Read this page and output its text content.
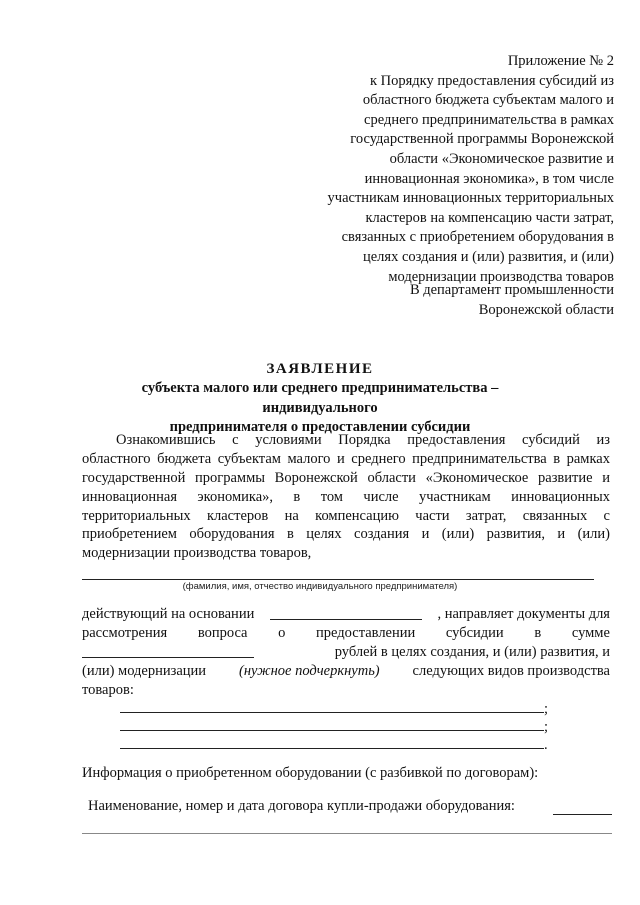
Приложение № 2
к Порядку предоставления субсидий из
областного бюджета субъектам малого и
среднего предпринимательства в рамках
государственной программы Воронежской
области «Экономическое развитие и
инновационная экономика», в том числе
участникам инновационных территориальных
кластеров на компенсацию части затрат,
связанных с приобретением оборудования в
целях создания и (или) развития, и (или)
модернизации производства товаров
В департамент промышленности
Воронежской области
ЗАЯВЛЕНИЕ
субъекта малого или среднего предпринимательства – индивидуального
предпринимателя о предоставлении субсидии
Ознакомившись с условиями Порядка предоставления субсидий из
областного бюджета субъектам малого и среднего предпринимательства в рамках
государственной программы Воронежской области «Экономическое развитие и
инновационная экономика», в том числе участникам инновационных
территориальных кластеров на компенсацию части затрат, связанных с
приобретением оборудования в целях создания и (или) развития, и (или)
модернизации производства товаров,
(фамилия, имя, отчество индивидуального предпринимателя)
действующий на основании	, направляет документы для
рассмотрения вопроса о предоставлении субсидии в сумме
рублей в целях создания, и (или) развития, и
(или) модернизации (нужное подчеркнуть) следующих видов производства
товаров:
;
;
.
Информация о приобретенном оборудовании (с разбивкой по договорам):
Наименование, номер и дата договора купли-продажи оборудования:
